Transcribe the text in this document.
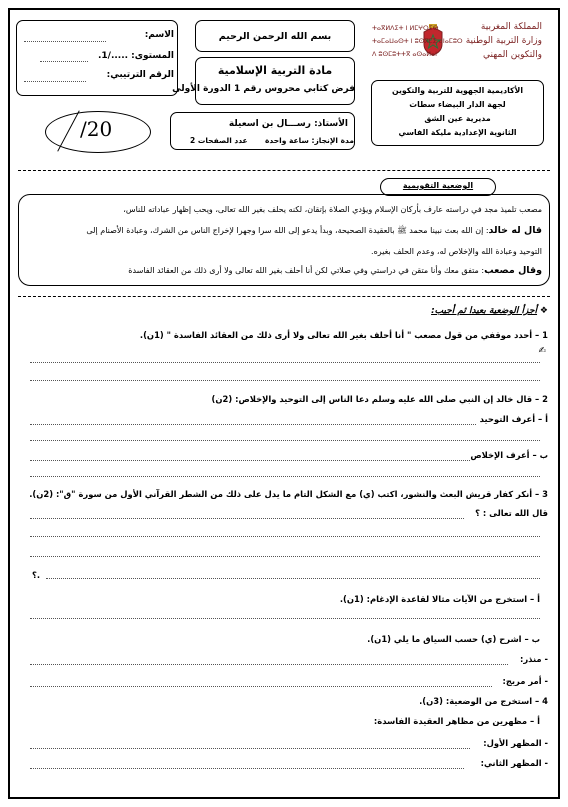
الاسم:
المستوى: ...../1.
الرقم الترتيبي:
بسم الله الرحمن الرحيم
مادة التربية الإسلامية
فرض كتابي محروس رقم 1 الدورة الأولى
المملكة المغربية
وزارة التربية الوطنية
والتكوين المهني
ⵜⴰⴳⵍⴷⵉⵜ ⵏ ⵍⵎⵖⵔⵉⴱ
ⵜⴰⵎⴰⵡⴰⵙⵜ ⵏ ⵓⵙⴳⵎⵉ ⴰⵏⴰⵎⵓⵔ
ⴷ ⵓⵙⵎⵓⵜⵜⴳ ⴰⵙⴰⵍⴰⵏ
الأكاديمية الجهوية للتربية والتكوين
لجهة الدار البيضاء سطات
مديرية عين الشق
الثانوية الإعدادية مليكة الفاسي
/20	الأستاذ: رســـال بن اسعيلة
مدة الإنجاز: ساعة واحدة
عدد الصفحات 2
الوضعية التقويمية
مصعب تلميذ مجد في دراسته عارف بأركان الإسلام ويؤدي الصلاة بإتقان، لكنه يحلف بغير الله تعالى، ويحب إظهار عباداته للناس،
قال له خالد: إن الله بعث نبينا محمد ﷺ بالعقيدة الصحيحة، وبدأ يدعو إلى الله سرا وجهرا لإخراج الناس من الشرك، وعبادة الأصنام إلى
التوحيد وعبادة الله والإخلاص له، وعدم الحلف بغيره.
وقال مصعب: متفق معك وأنا متقن في دراستي وفي صلاتي لكن أنا أحلف بغير الله تعالى ولا أرى ذلك من العقائد الفاسدة
❖ أجزأ الوضعية بعيدا ثم أجيب:
1 – أحدد موقفي من قول مصعب " أنا أحلف بغير الله تعالى ولا أرى ذلك من العقائد الفاسدة " (1ن).
✍
2 – قال خالد إن النبي صلى الله عليه وسلم دعا الناس إلى التوحيد والإخلاص: (2ن)
أ – أعرف التوحيد
ب – أعرف الإخلاص
3 – أنكر كفار قريش البعث والنشور، اكتب (ي) مع الشكل التام ما يدل على ذلك من الشطر القرآني الأول من سورة "ق": (2ن).
قال الله تعالى : ؟
؟.
أ – استخرج من الآيات مثالا لقاعدة الإدغام: (1ن).
ب – اشرح (ي) حسب السياق ما يلي (1ن).
- منذر:
- أمر مريج:
4 – استخرج من الوضعية: (3ن).
أ – مظهرين من مظاهر العقيدة الفاسدة:
- المظهر الأول:
- المظهر الثاني:
